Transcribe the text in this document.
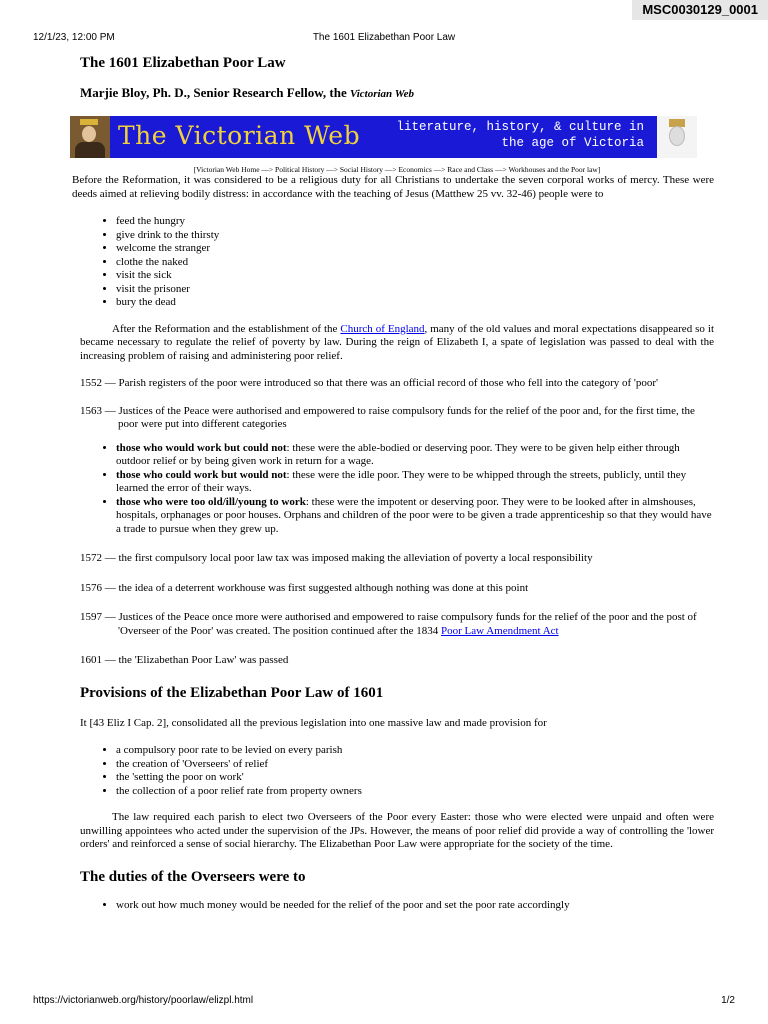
MSC0030129_0001
12/1/23, 12:00 PM	The 1601 Elizabethan Poor Law
The 1601 Elizabethan Poor Law
Marjie Bloy, Ph. D., Senior Research Fellow, the Victorian Web
The Victorian Web	literature, history, & culture in
the age of Victoria
[Victorian Web Home —> Political History —> Social History —> Economics —> Race and Class —> Workhouses and the Poor law]

Before the Reformation, it was considered to be a religious duty for all Christians to undertake the seven corporal works of mercy. These were deeds aimed at relieving bodily distress: in accordance with the teaching of Jesus (Matthew 25 vv. 32-46) people were to

• feed the hungry
• give drink to the thirsty
• welcome the stranger
• clothe the naked
• visit the sick
• visit the prisoner
• bury the dead

After the Reformation and the establishment of the Church of England, many of the old values and moral expectations disappeared so it became necessary to regulate the relief of poverty by law. During the reign of Elizabeth I, a spate of legislation was passed to deal with the increasing problem of raising and administering poor relief.

1552 — Parish registers of the poor were introduced so that there was an official record of those who fell into the category of 'poor'

1563 — Justices of the Peace were authorised and empowered to raise compulsory funds for the relief of the poor and, for the first time, the poor were put into different categories

• those who would work but could not: these were the able-bodied or deserving poor. They were to be given help either through outdoor relief or by being given work in return for a wage.
• those who could work but would not: these were the idle poor. They were to be whipped through the streets, publicly, until they learned the error of their ways.
• those who were too old/ill/young to work: these were the impotent or deserving poor. They were to be looked after in almshouses, hospitals, orphanages or poor houses. Orphans and children of the poor were to be given a trade apprenticeship so that they would have a trade to pursue when they grew up.

1572 — the first compulsory local poor law tax was imposed making the alleviation of poverty a local responsibility

1576 — the idea of a deterrent workhouse was first suggested although nothing was done at this point

1597 — Justices of the Peace once more were authorised and empowered to raise compulsory funds for the relief of the poor and the post of 'Overseer of the Poor' was created. The position continued after the 1834 Poor Law Amendment Act

1601 — the 'Elizabethan Poor Law' was passed

Provisions of the Elizabethan Poor Law of 1601

It [43 Eliz I Cap. 2], consolidated all the previous legislation into one massive law and made provision for

• a compulsory poor rate to be levied on every parish
• the creation of 'Overseers' of relief
• the 'setting the poor on work'
• the collection of a poor relief rate from property owners

The law required each parish to elect two Overseers of the Poor every Easter: those who were elected were unpaid and often were unwilling appointees who acted under the supervision of the JPs. However, the means of poor relief did provide a way of controlling the 'lower orders' and reinforced a sense of social hierarchy. The Elizabethan Poor Law were appropriate for the society of the time.

The duties of the Overseers were to
• work out how much money would be needed for the relief of the poor and set the poor rate accordingly
https://victorianweb.org/history/poorlaw/elizpl.html	1/2
